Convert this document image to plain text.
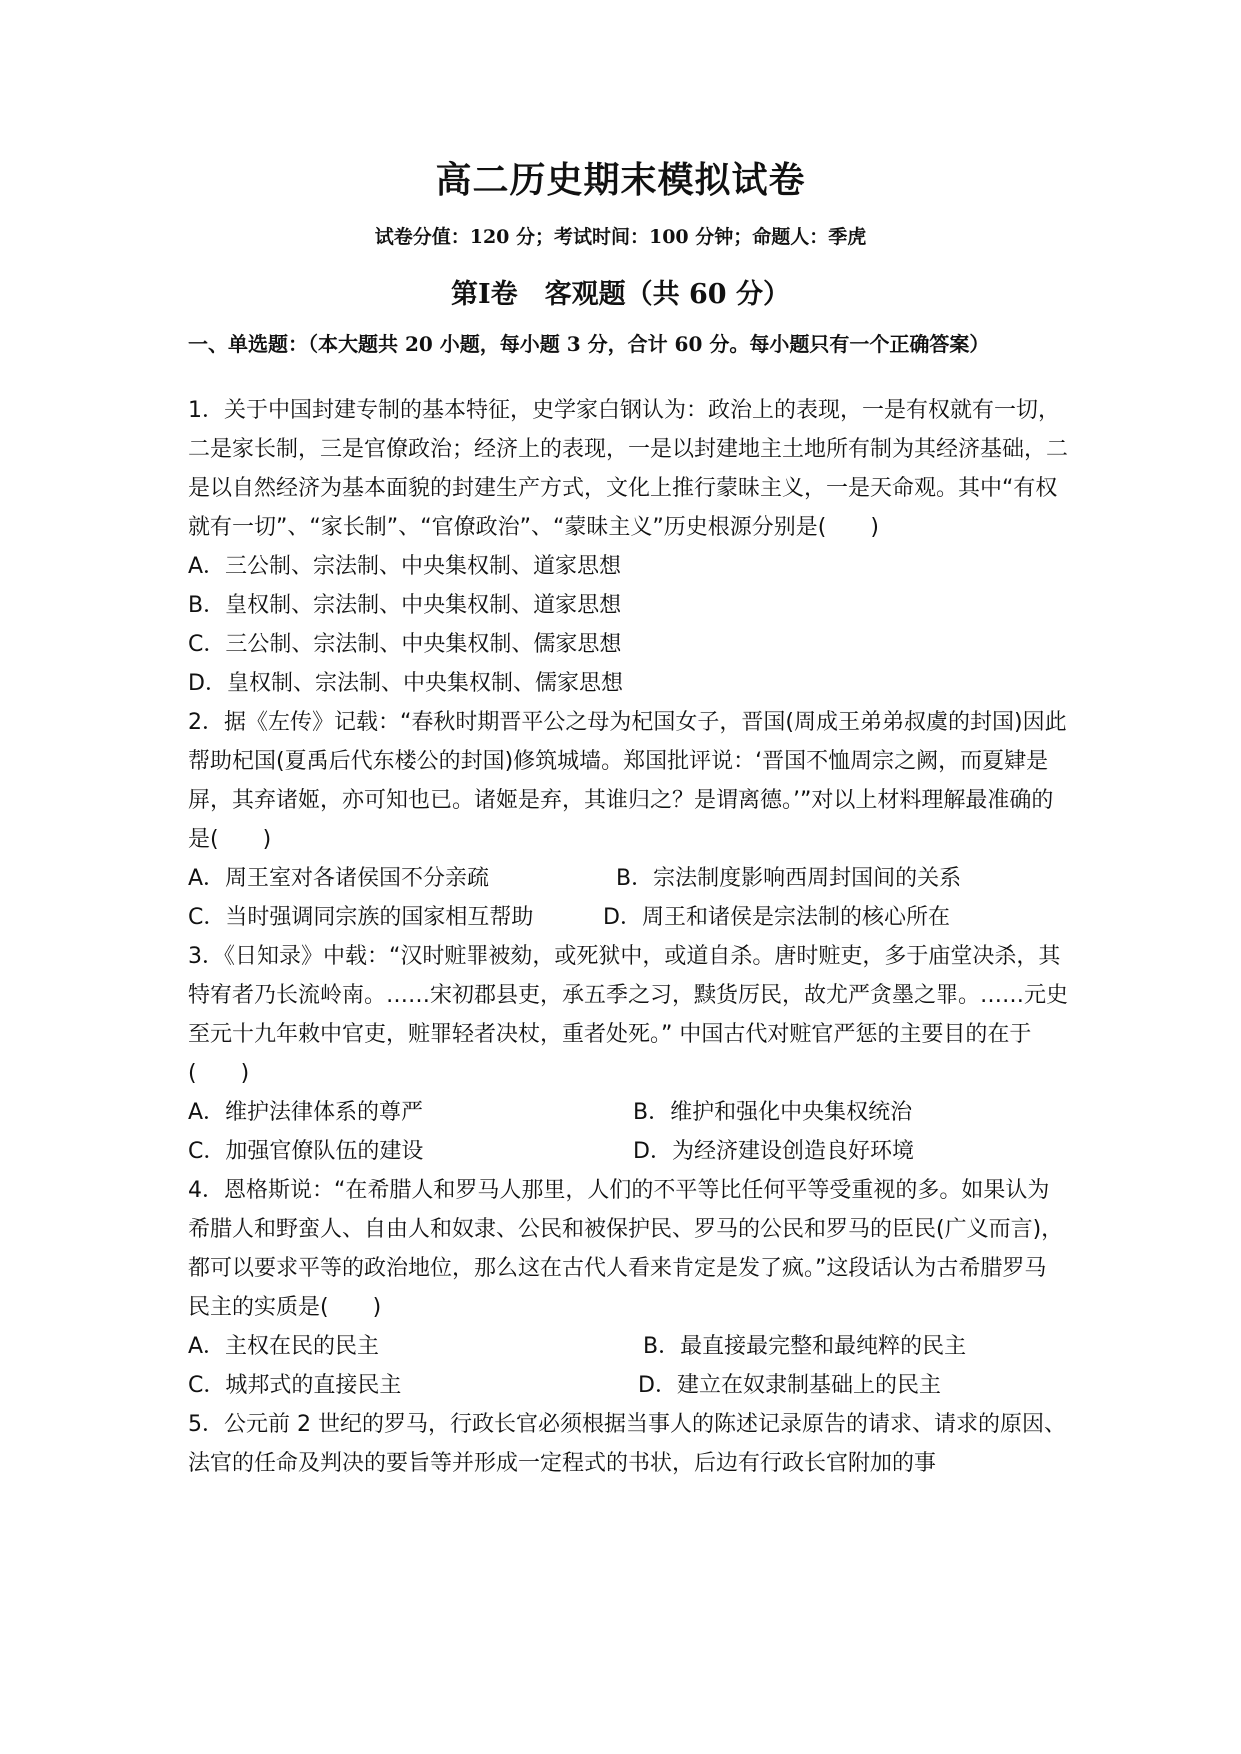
高二历史期末模拟试卷
试卷分值：120 分；考试时间：100 分钟；命题人：季虎
第Ⅰ卷　客观题（共 60 分）
一、单选题：（本大题共 20 小题，每小题 3 分，合计 60 分。每小题只有一个正确答案）

1．关于中国封建专制的基本特征，史学家白钢认为：政治上的表现，一是有权就有一切，二是家长制，三是官僚政治；经济上的表现，一是以封建地主土地所有制为其经济基础，二是以自然经济为基本面貌的封建生产方式，文化上推行蒙昧主义，一是天命观。其中“有权就有一切”、“家长制”、“官僚政治”、“蒙昧主义”历史根源分别是(　　)

A．三公制、宗法制、中央集权制、道家思想

B．皇权制、宗法制、中央集权制、道家思想

C．三公制、宗法制、中央集权制、儒家思想

D．皇权制、宗法制、中央集权制、儒家思想

2．据《左传》记载：“春秋时期晋平公之母为杞国女子，晋国(周成王弟弟叔虞的封国)因此帮助杞国(夏禹后代东楼公的封国)修筑城墙。郑国批评说：‘晋国不恤周宗之阙，而夏肄是屏，其弃诸姬，亦可知也已。诸姬是弃，其谁归之？是谓离德。’”对以上材料理解最准确的是(　　)

A．周王室对各诸侯国不分亲疏	B．宗法制度影响西周封国间的关系
C．当时强调同宗族的国家相互帮助	D．周王和诸侯是宗法制的核心所在

3．《日知录》中载：“汉时赃罪被劾，或死狱中，或道自杀。唐时赃吏，多于庙堂决杀，其特宥者乃长流岭南。……宋初郡县吏，承五季之习，黩货厉民，故尤严贪墨之罪。……元史至元十九年敕中官吏，赃罪轻者决杖，重者处死。” 中国古代对赃官严惩的主要目的在于(　　)

A．维护法律体系的尊严	B．维护和强化中央集权统治
C．加强官僚队伍的建设	D．为经济建设创造良好环境

4．恩格斯说：“在希腊人和罗马人那里，人们的不平等比任何平等受重视的多。如果认为希腊人和野蛮人、自由人和奴隶、公民和被保护民、罗马的公民和罗马的臣民(广义而言)，都可以要求平等的政治地位，那么这在古代人看来肯定是发了疯。”这段话认为古希腊罗马民主的实质是(　　)

A．主权在民的民主	B．最直接最完整和最纯粹的民主
C．城邦式的直接民主	D．建立在奴隶制基础上的民主

5．公元前 2 世纪的罗马，行政长官必须根据当事人的陈述记录原告的请求、请求的原因、法官的任命及判决的要旨等并形成一定程式的书状，后边有行政长官附加的事
